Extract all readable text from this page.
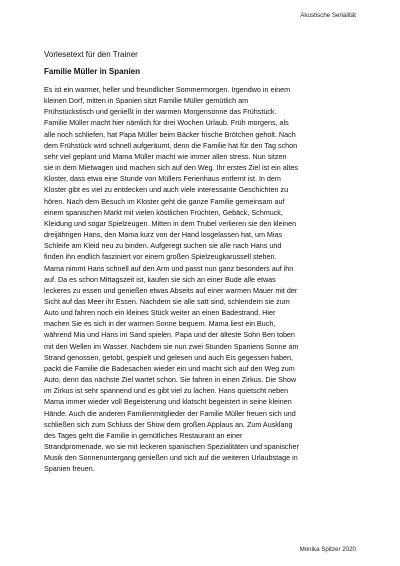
Akustische Serialität
Vorlesetext für den Trainer
Familie Müller in Spanien

Es ist ein warmer, heller und freundlicher Sommermorgen. Irgendwo in einem
kleinen Dorf, mitten in Spanien sitzt Familie Müller gemütlich am
Frühstückstisch und genießt in der warmen Morgensonne das Frühstück.
Familie Müller macht hier nämlich für drei Wochen Urlaub. Früh morgens, als
alle noch schliefen, hat Papa Müller beim Bäcker frische Brötchen geholt. Nach
dem Frühstück wird schnell aufgeräumt, denn die Familie hat für den Tag schon
sehr viel geplant und Mama Müller macht wie immer allen stress. Nun sitzen
sie in dem Mietwagen und machen sich auf den Weg. Ihr erstes Ziel ist ein altes
Kloster, dass etwa eine Stunde von Müllers Ferienhaus entfernt ist. In dem
Kloster gibt es viel zu entdecken und auch viele interessante Geschichten zu
hören. Nach dem Besuch im Kloster geht die ganze Familie gemeinsam auf
einem spanischen Markt mit vielen köstlichen Früchten, Gebäck, Schmuck,
Kleidung und sogar Spielzeugen. Mitten in dem Trubel verlieren sie den kleinen
dreijährigen Hans, den Mama kurz von der Hand losgelassen hat, um Mias
Schleife am Kleid neu zu binden. Aufgeregt suchen sie alle nach Hans und
finden ihn endlich fasziniert vor einem großen Spielzeugkarussell stehen.
Mama nimmt Hans schnell auf den Arm und passt nun ganz besonders auf ihn
auf. Da es schon Mittagszeit ist, kaufen sie sich an einer Bude alle etwas
leckeres zu essen und genießen etwas Abseits auf einer warmen Mauer mit der
Sicht auf das Meer ihr Essen. Nachdem sie alle satt sind, schlendern sie zum
Auto und fahren noch ein kleines Stück weiter an einen Badestrand. Hier
machen Sie es sich in der warmen Sonne bequem. Mama liest ein Buch,
während Mia und Hans im Sand spielen. Papa und der älteste Sohn Ben toben
mit den Wellen im Wasser. Nachdem sie nun zwei Stunden Spaniens Sonne am
Strand genossen, getobt, gespielt und gelesen und auch Eis gegessen haben,
packt die Familie die Badesachen wieder ein und macht sich auf den Weg zum
Auto, denn das nächste Ziel wartet schon. Sie fahren in einen Zirkus. Die Show
im Zirkus ist sehr spannend und es gibt viel zu lachen. Hans quietscht neben
Mama immer wieder voll Begeisterung und klatscht begeistert in seine kleinen
Hände. Auch die anderen Familienmitglieder der Familie Müller freuen sich und
schließen sich zum Schluss der Show dem großen Applaus an. Zum Ausklang
des Tages geht die Familie in gemütliches Restaurant an einer
Strandpromenade, wo sie mit leckeren spanischen Spezialitäten und spanischer
Musik den Sonnenuntergang genießen und sich auf die weiteren Urlaubstage in
Spanien freuen.

Monika Spitzer 2020
